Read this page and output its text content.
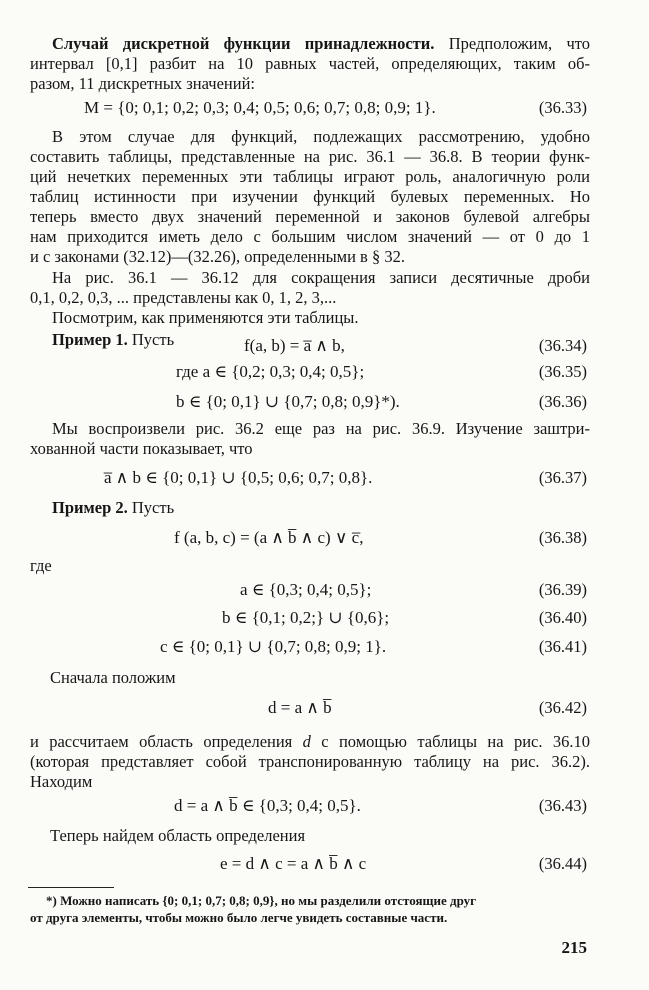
Случай дискретной функции принадлежности. Предположим, что
интервал [0,1] разбит на 10 равных частей, определяющих, таким об-
разом, 11 дискретных значений:
M = {0; 0,1; 0,2; 0,3; 0,4; 0,5; 0,6; 0,7; 0,8; 0,9; 1}.	(36.33)
В этом случае для функций, подлежащих рассмотрению, удобно
составить таблицы, представленные на рис. 36.1 — 36.8. В теории функ-
ций нечетких переменных эти таблицы играют роль, аналогичную роли
таблиц истинности при изучении функций булевых переменных. Но
теперь вместо двух значений переменной и законов булевой алгебры
нам приходится иметь дело с большим числом значений — от 0 до 1
и с законами (32.12)—(32.26), определенными в § 32.
На рис. 36.1 — 36.12 для сокращения записи десятичные дроби
0,1, 0,2, 0,3, ... представлены как 0, 1, 2, 3,...
Посмотрим, как применяются эти таблицы.
Пример 1. Пусть	f(a, b) = a̅ ∧ b,	(36.34)
где a ∈ {0,2; 0,3; 0,4; 0,5};	(36.35)
b ∈ {0; 0,1} ∪ {0,7; 0,8; 0,9}*).	(36.36)
Мы воспроизвели рис. 36.2 еще раз на рис. 36.9. Изучение заштри-
хованной части показывает, что
a̅ ∧ b ∈ {0; 0,1} ∪ {0,5; 0,6; 0,7; 0,8}.	(36.37)
Пример 2. Пусть
f (a, b, c) = (a ∧ b̅ ∧ c) ∨ c̅,	(36.38)
где
a ∈ {0,3; 0,4; 0,5};	(36.39)
b ∈ {0,1; 0,2;} ∪ {0,6};	(36.40)
c ∈ {0; 0,1} ∪ {0,7; 0,8; 0,9; 1}.	(36.41)
Сначала положим
d = a ∧ b̅	(36.42)
и рассчитаем область определения d с помощью таблицы на рис. 36.10
(которая представляет собой транспонированную таблицу на рис. 36.2).
Находим
d = a ∧ b̅ ∈ {0,3; 0,4; 0,5}.	(36.43)
Теперь найдем область определения
e = d ∧ c = a ∧ b̅ ∧ c	(36.44)
*) Можно написать {0; 0,1; 0,7; 0,8; 0,9}, но мы разделили отстоящие друг
от друга элементы, чтобы можно было легче увидеть составные части.
215
